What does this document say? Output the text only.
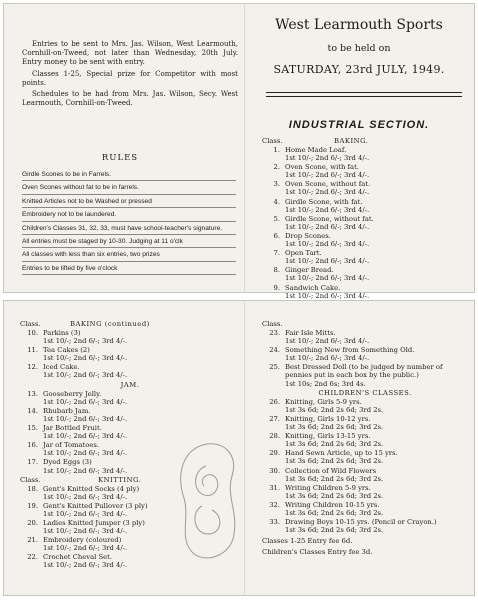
Entries to be sent to Mrs. Jas. Wilson, West Learmouth, Cornhill-on-Tweed, not later than Wednesday, 20th July. Entry money to be sent with entry.

Classes 1-25, Special prize for Competitor with most points.

Schedules to be had from Mrs. Jas. Wilson, Secy. West Learmouth, Cornhill-on-Tweed.

RULES
Girdle Scones to be in Farrels.
Oven Scones without fat to be in farrels.
Knitted Articles not to be Washed or pressed
Embroidery not to be laundered.
Children's Classes 31, 32, 33, must have school-teacher's signature.
All entries must be staged by 10-30. Judging at 11 o'clk
All classes with less than six entries, two prizes
Entries to be lifted by five o'clock
West Learmouth Sports
to be held on
SATURDAY, 23rd JULY, 1949.
INDUSTRIAL SECTION.
Class.	BAKING.
1. Home Made Loaf.
1st 10/-; 2nd 6/-; 3rd 4/-.
2. Oven Scone, with fat.
1st 10/-; 2nd 6/-; 3rd 4/-.
3. Oven Scone, without fat.
1st 10/-; 2nd 6/-; 3rd 4/-.
4. Girdle Scone, with fat.
1st 10/-; 2nd 6/-; 3rd 4/-.
5. Girdle Scone, without fat.
1st 10/-; 2nd 6/-; 3rd 4/-.
6. Drop Scones.
1st 10/-; 2nd 6/-; 3rd 4/-.
7. Open Tart.
1st 10/-; 2nd 6/-; 3rd 4/-.
8. Ginger Bread.
1st 10/-; 2nd 6/-; 3rd 4/-.
9. Sandwich Cake.
1st 10/-; 2nd 6/-; 3rd 4/-.
Class.	BAKING (continued)
10. Parkins (3)
1st 10/-; 2nd 6/-; 3rd 4/-.
11. Tea Cakes (2)
1st 10/-; 2nd 6/-; 3rd 4/-.
12. Iced Cake.
1st 10/-; 2nd 6/-; 3rd 4/-.
JAM.
13. Gooseberry Jelly.
1st 10/-; 2nd 6/-; 3rd 4/-.
14. Rhubarb Jam.
1st 10/-; 2nd 6/-; 3rd 4/-.
15. Jar Bottled Fruit.
1st 10/-; 2nd 6/-; 3rd 4/-.
16. Jar of Tomatoes.
1st 10/-; 2nd 6/-; 3rd 4/-.
17. Dyed Eggs (3)
1st 10/-; 2nd 6/-; 3rd 4/-.
Class.	KNITTING.
18. Gent's Knitted Socks (4 ply)
1st 10/-; 2nd 6/-; 3rd 4/-.
19. Gent's Knitted Pullover (3 ply)
1st 10/-; 2nd 6/-; 3rd 4/-.
20. Ladies Knitted Jumper (3 ply)
1st 10/-; 2nd 6/-; 3rd 4/-.
21. Embroidery (coloured)
1st 10/-; 2nd 6/-; 3rd 4/-.
22. Crochet Cheval Set.
1st 10/-; 2nd 6/-; 3rd 4/-.
Class.
23. Fair Isle Mitts.
1st 10/-; 2nd 6/-; 3rd 4/-.
24. Something New from Something Old.
1st 10/-; 2nd 6/-; 3rd 4/-.
25. Best Dressed Doll (to be judged by number of pennies put in each box by the public.)
1st 10s; 2nd 6s; 3rd 4s.
CHILDREN'S CLASSES.
26. Knitting, Girls 5-9 yrs.
1st 3s 6d; 2nd 2s 6d; 3rd 2s.
27. Knitting, Girls 10-12 yrs.
1st 3s 6d; 2nd 2s 6d; 3rd 2s.
28. Knitting, Girls 13-15 yrs.
1st 3s 6d; 2nd 2s 6d; 3rd 2s.
29. Hand Sewn Article, up to 15 yrs.
1st 3s 6d; 2nd 2s 6d; 3rd 2s.
30. Collection of Wild Flowers
1st 3s 6d; 2nd 2s 6d; 3rd 2s.
31. Writing Children 5-9 yrs.
1st 3s 6d; 2nd 2s 6d; 3rd 2s.
32. Writing Children 10-15 yrs.
1st 3s 6d; 2nd 2s 6d; 3rd 2s.
33. Drawing Boys 10-15 yrs. (Pencil or Crayon.)
1st 3s 6d; 2nd 2s 6d; 3rd 2s.
Classes 1-25 Entry fee 6d.
Children's Classes Entry fee 3d.
